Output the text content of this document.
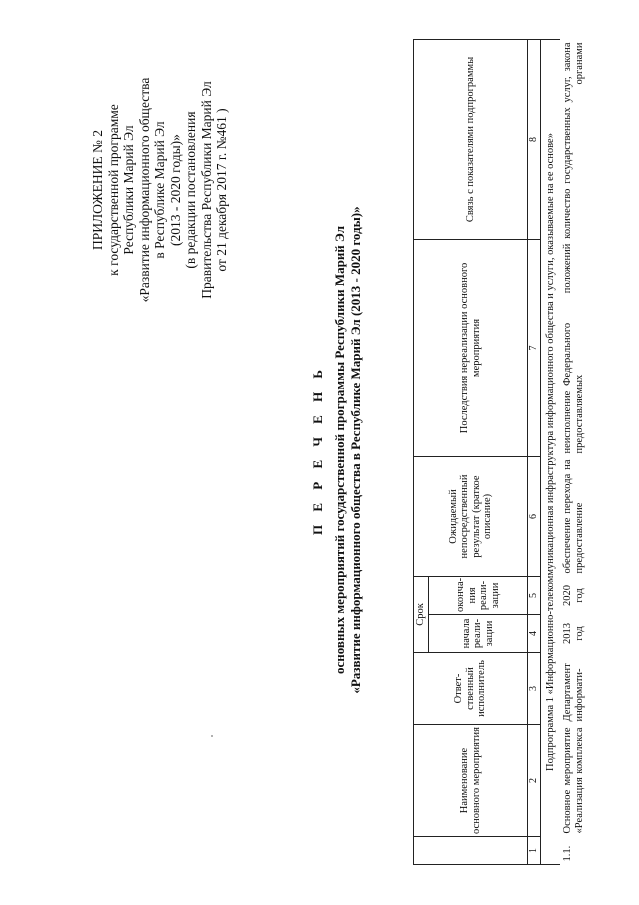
ПРИЛОЖЕНИЕ № 2 к государственной программе Республики Марий Эл «Развитие информационного общества в Республике Марий Эл (2013 - 2020 годы)» (в редакции постановления Правительства Республики Марий Эл от 21 декабря 2017 г. №461 )
П Е Р Е Ч Е Н Ь основных мероприятий государственной программы Республики Марий Эл «Развитие информационного общества в Республике Марий Эл (2013 - 2020 годы)»
	Наименование основного мероприятия	Ответ-ственный исполнитель	Срок		Ожидаемый непосредственный результат (краткое описание)	Последствия нереализации основного мероприятия	Связь с показателями подпрограммы
			начала реали-зации	оконча-ния реали-зации			
1	2	3	4	5	6	7	8
Подпрограмма 1 «Информационно-телекоммуникационная инфраструктура информационного общества и услуги, оказываемые на ее основе»							
1.1.	Основное мероприятие «Реализация комплекса	Департамент информати-	2013 год	2020 год	обеспечение перехода на предоставление	неисполнение Федерального      положений количество государственных услуг, закона предоставляемых органами	
